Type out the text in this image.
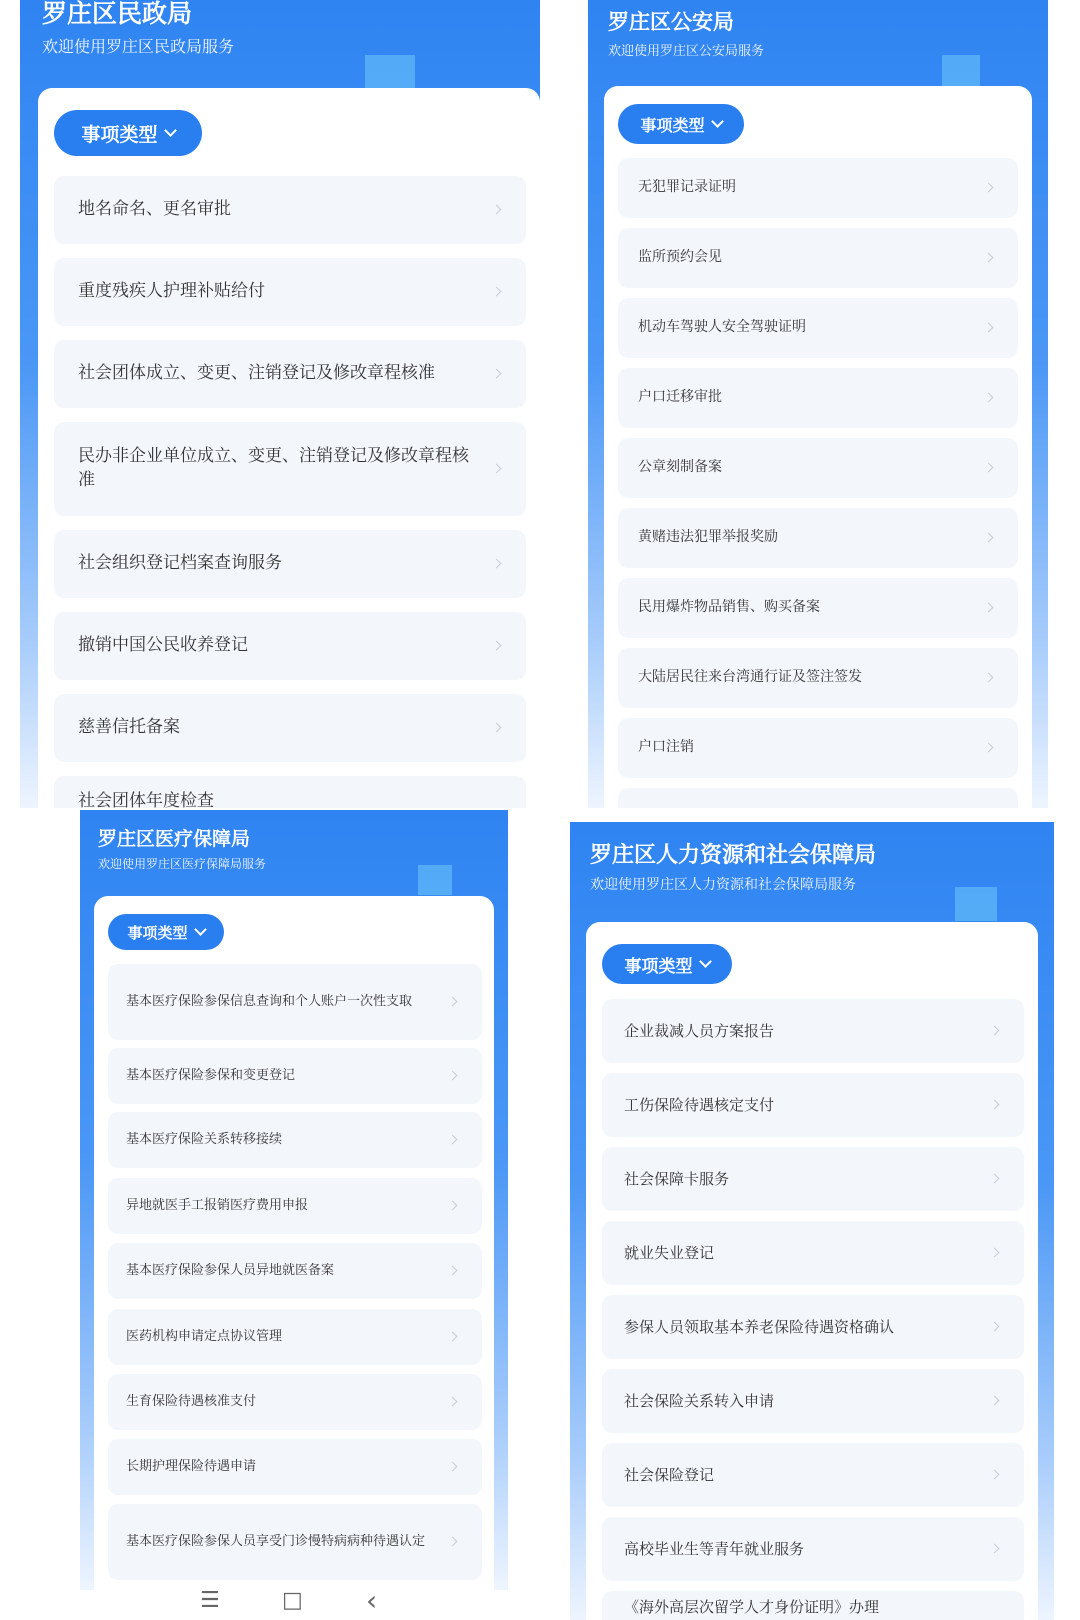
罗庄区民政局
欢迎使用罗庄区民政局服务
事项类型
地名命名、更名审批
重度残疾人护理补贴给付
社会团体成立、变更、注销登记及修改章程核准
民办非企业单位成立、变更、注销登记及修改章程核准
社会组织登记档案查询服务
撤销中国公民收养登记
慈善信托备案
社会团体年度检查
罗庄区公安局
欢迎使用罗庄区公安局服务
事项类型
无犯罪记录证明
监所预约会见
机动车驾驶人安全驾驶证明
户口迁移审批
公章刻制备案
黄赌违法犯罪举报奖励
民用爆炸物品销售、购买备案
大陆居民往来台湾通行证及签注签发
户口注销
罗庄区医疗保障局
欢迎使用罗庄区医疗保障局服务
事项类型
基本医疗保险参保信息查询和个人账户一次性支取
基本医疗保险参保和变更登记
基本医疗保险关系转移接续
异地就医手工报销医疗费用申报
基本医疗保险参保人员异地就医备案
医药机构申请定点协议管理
生育保险待遇核准支付
长期护理保险待遇申请
基本医疗保险参保人员享受门诊慢特病病种待遇认定
☰	□ ‹
罗庄区人力资源和社会保障局
欢迎使用罗庄区人力资源和社会保障局服务
事项类型
企业裁减人员方案报告
工伤保险待遇核定支付
社会保障卡服务
就业失业登记
参保人员领取基本养老保险待遇资格确认
社会保险关系转入申请
社会保险登记
高校毕业生等青年就业服务
《海外高层次留学人才身份证明》办理
